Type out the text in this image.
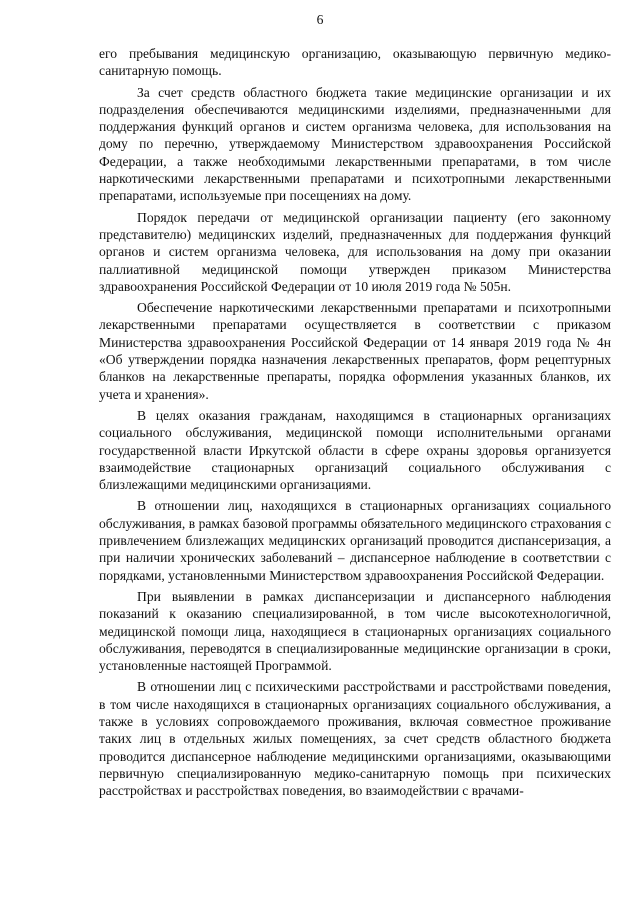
6

его пребывания медицинскую организацию, оказывающую первичную медико-санитарную помощь.

За счет средств областного бюджета такие медицинские организации и их подразделения обеспечиваются медицинскими изделиями, предназначенными для поддержания функций органов и систем организма человека, для использования на дому по перечню, утверждаемому Министерством здравоохранения Российской Федерации, а также необходимыми лекарственными препаратами, в том числе наркотическими лекарственными препаратами и психотропными лекарственными препаратами, используемые при посещениях на дому.

Порядок передачи от медицинской организации пациенту (его законному представителю) медицинских изделий, предназначенных для поддержания функций органов и систем организма человека, для использования на дому при оказании паллиативной медицинской помощи утвержден приказом Министерства здравоохранения Российской Федерации от 10 июля 2019 года № 505н.

Обеспечение наркотическими лекарственными препаратами и психотропными лекарственными препаратами осуществляется в соответствии с приказом Министерства здравоохранения Российской Федерации от 14 января 2019 года № 4н «Об утверждении порядка назначения лекарственных препаратов, форм рецептурных бланков на лекарственные препараты, порядка оформления указанных бланков, их учета и хранения».

В целях оказания гражданам, находящимся в стационарных организациях социального обслуживания, медицинской помощи исполнительными органами государственной власти Иркутской области в сфере охраны здоровья организуется взаимодействие стационарных организаций социального обслуживания с близлежащими медицинскими организациями.

В отношении лиц, находящихся в стационарных организациях социального обслуживания, в рамках базовой программы обязательного медицинского страхования с привлечением близлежащих медицинских организаций проводится диспансеризация, а при наличии хронических заболеваний – диспансерное наблюдение в соответствии с порядками, установленными Министерством здравоохранения Российской Федерации.

При выявлении в рамках диспансеризации и диспансерного наблюдения показаний к оказанию специализированной, в том числе высокотехнологичной, медицинской помощи лица, находящиеся в стационарных организациях социального обслуживания, переводятся в специализированные медицинские организации в сроки, установленные настоящей Программой.

В отношении лиц с психическими расстройствами и расстройствами поведения, в том числе находящихся в стационарных организациях социального обслуживания, а также в условиях сопровождаемого проживания, включая совместное проживание таких лиц в отдельных жилых помещениях, за счет средств областного бюджета проводится диспансерное наблюдение медицинскими организациями, оказывающими первичную специализированную медико-санитарную помощь при психических расстройствах и расстройствах поведения, во взаимодействии с врачами-
